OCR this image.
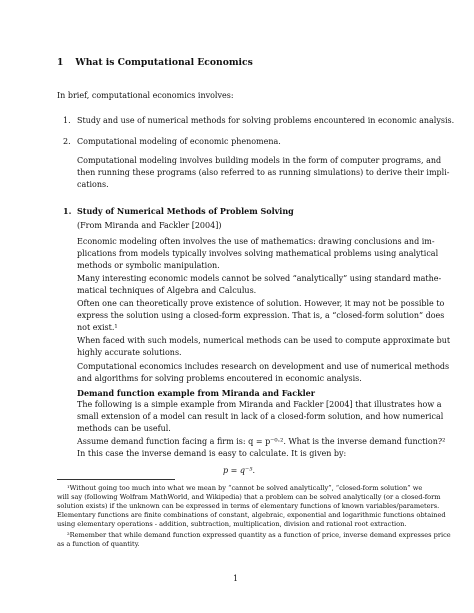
1 What is Computational Economics
In brief, computational economics involves:
1. Study and use of numerical methods for solving problems encountered in economic analysis.
2. Computational modeling of economic phenomena.
Computational modeling involves building models in the form of computer programs, and
then running these programs (also referred to as running simulations) to derive their impli-
cations.
1. Study of Numerical Methods of Problem Solving
(From Miranda and Fackler [2004])
Economic modeling often involves the use of mathematics: drawing conclusions and im-
plications from models typically involves solving mathematical problems using analytical
methods or symbolic manipulation.
Many interesting economic models cannot be solved “analytically” using standard mathe-
matical techniques of Algebra and Calculus.
Often one can theoretically prove existence of solution. However, it may not be possible to
express the solution using a closed-form expression. That is, a “closed-form solution” does
not exist.¹
When faced with such models, numerical methods can be used to compute approximate but
highly accurate solutions.
Computational economics includes research on development and use of numerical methods
and algorithms for solving problems encoutered in economic analysis.
Demand function example from Miranda and Fackler
The following is a simple example from Miranda and Fackler [2004] that illustrates how a
small extension of a model can result in lack of a closed-form solution, and how numerical
methods can be useful.
Assume demand function facing a firm is: q = p⁻⁰·². What is the inverse demand function?²
In this case the inverse demand is easy to calculate. It is given by:
p = q⁻⁵.
¹Without going too much into what we mean by “cannot be solved analytically”, “closed-form solution” we
will say (following Wolfram MathWorld, and Wikipedia) that a problem can be solved analytically (or a closed-form
solution exists) if the unknown can be expressed in terms of elementary functions of known variables/parameters.
Elementary functions are finite combinations of constant, algebraic, exponential and logarithmic functions obtained
using elementary operations - addition, subtraction, multiplication, division and rational root extraction.
²Remember that while demand function expressed quantity as a function of price, inverse demand expresses price
as a function of quantity.
1
